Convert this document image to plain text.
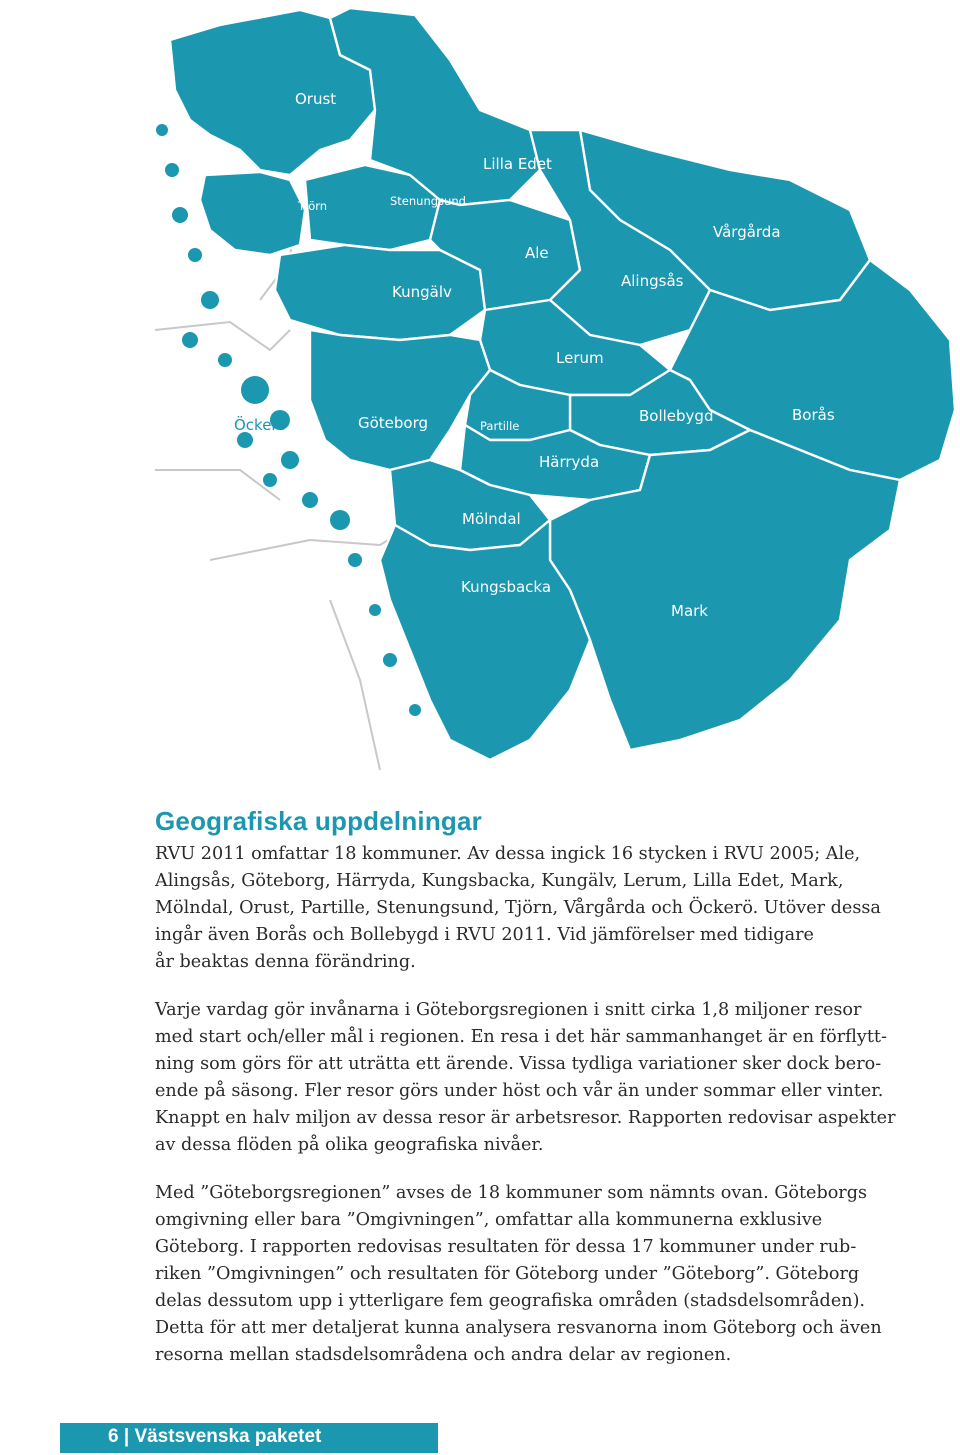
Orust
Lilla Edet
Tjörn	Stenungsund
Vårgårda
Ale
Alingsås
Kungälv
Lerum
Öckerö	Göteborg	Partille
Bollebygd	Borås
Härryda
Mölndal
Kungsbacka
Mark
Geografiska uppdelningar
RVU 2011 omfattar 18 kommuner. Av dessa ingick 16 stycken i RVU 2005; Ale,
Alingsås, Göteborg, Härryda, Kungsbacka, Kungälv, Lerum, Lilla Edet, Mark,
Mölndal, Orust, Partille, Stenungsund, Tjörn, Vårgårda och Öckerö. Utöver dessa
ingår även Borås och Bollebygd i RVU 2011. Vid jämförelser med tidigare
år beaktas denna förändring.
Varje vardag gör invånarna i Göteborgsregionen i snitt cirka 1,8 miljoner resor
med start och/eller mål i regionen. En resa i det här sammanhanget är en förflytt-
ning som görs för att uträtta ett ärende. Vissa tydliga variationer sker dock bero-
ende på säsong. Fler resor görs under höst och vår än under sommar eller vinter.
Knappt en halv miljon av dessa resor är arbetsresor. Rapporten redovisar aspekter
av dessa flöden på olika geografiska nivåer.
Med ”Göteborgsregionen” avses de 18 kommuner som nämnts ovan. Göteborgs
omgivning eller bara ”Omgivningen”, omfattar alla kommunerna exklusive
Göteborg. I rapporten redovisas resultaten för dessa 17 kommuner under rub-
riken ”Omgivningen” och resultaten för Göteborg under ”Göteborg”. Göteborg
delas dessutom upp i ytterligare fem geografiska områden (stadsdelsområden).
Detta för att mer detaljerat kunna analysera resvanorna inom Göteborg och även
resorna mellan stadsdelsområdena och andra delar av regionen.
6 | Västsvenska paketet
